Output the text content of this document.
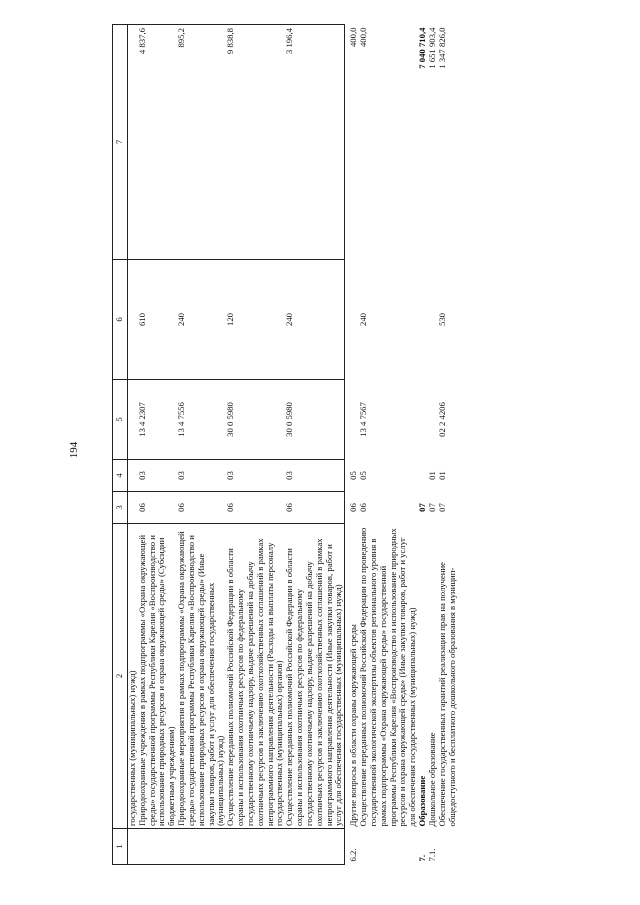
194
1	2	3	4	5	6	7
	государственных (муниципальных) нужд)					
	Природоохранные учреждения в рамках подпрограммы «Охрана окружающей среды» государственной программы Республики Карелия «Воспроизводство и использование природных ресурсов и охрана окружающей среды» (Субсидии бюджетным учреждениям)	06	03	13 4 2307	610	4 837,6
	Природоохранные мероприятия в рамках подпрограммы «Охрана окружающей среды» государственной программы Республики Карелия «Воспроизводство и использование природных ресурсов и охрана окружающей среды» (Иные закупки товаров, работ и услуг для обеспечения государственных (муниципальных) нужд)	06	03	13 4 7556	240	895,2
	Осуществление переданных полномочий Российской Федерации в области охраны и использования охотничьих ресурсов по федеральному государственному охотничьему надзору, выдаче разрешений на добычу охотничьих ресурсов и заключению охотхозяйственных соглашений в рамках непрограммного направления деятельности (Расходы на выплаты персоналу государственных (муниципальных) органов)	06	03	30 0 5980	120	9 838,8
	Осуществление переданных полномочий Российской Федерации в области охраны и использования охотничьих ресурсов по федеральному государственному охотничьему надзору, выдаче разрешений на добычу охотничьих ресурсов и заключению охотхозяйственных соглашений в рамках непрограммного направления деятельности (Иные закупки товаров, работ и услуг для обеспечения государственных (муниципальных) нужд)	06	03	30 0 5980	240	3 196,4

6.2.	Другие вопросы в области охраны окружающей среды	06	05			400,0
	Осуществление переданных полномочий Российской Федерации по проведению государственной экологической экспертизы объектов регионального уровня в рамках подпрограммы «Охрана окружающей среды» государственной программы Республики Карелия «Воспроизводство и использование природных ресурсов и охрана окружающей среды» (Иные закупки товаров, работ и услуг для обеспечения государственных (муниципальных) нужд)	06	05	13 4 7567	240	400,0
7.	Образование	07				7 040 710,4
7.1.	Дошкольное образование	07	01			1 651 903,4
	Обеспечение государственных гарантий реализации прав на получение общедоступного и бесплатного дошкольного образования в муницип-	07	01	02 2 4206	530	1 347 826,0
